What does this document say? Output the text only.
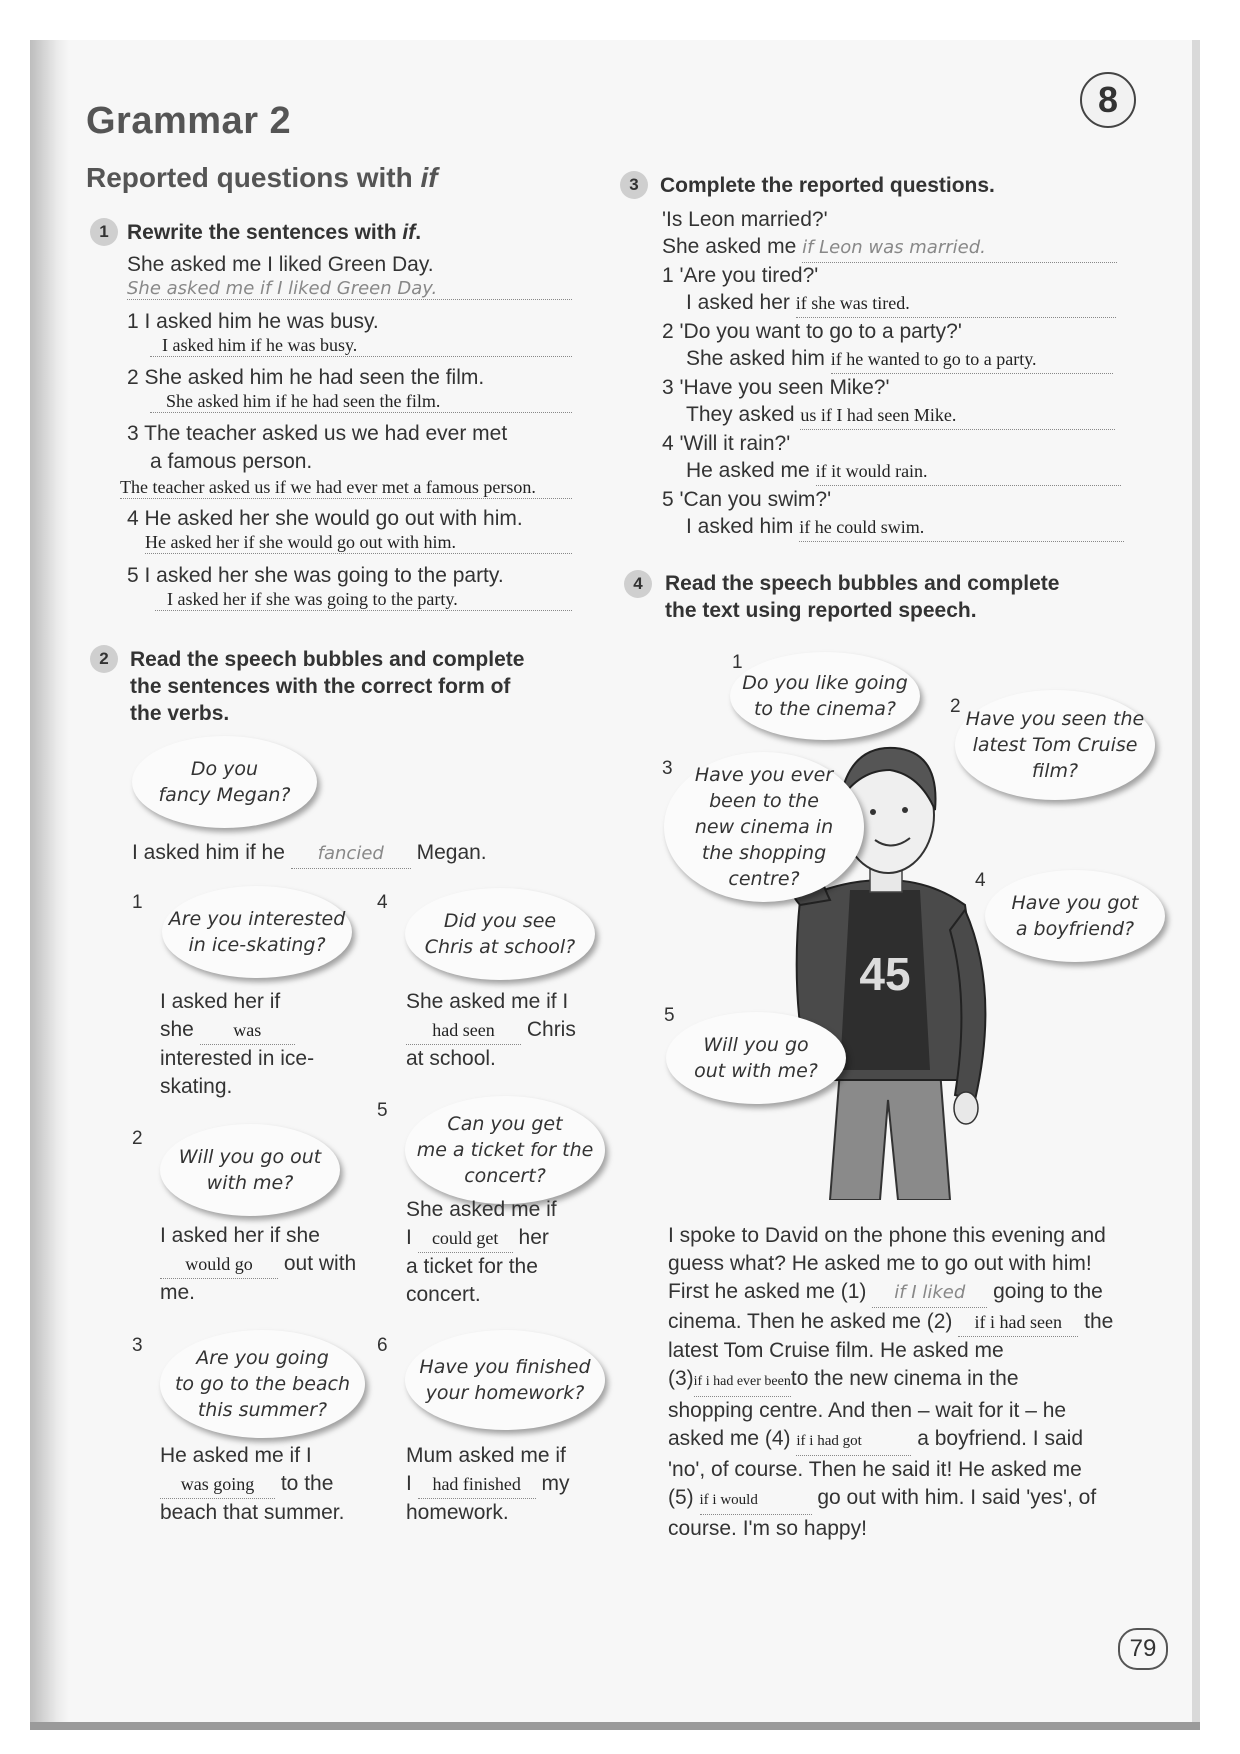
Grammar 2
Reported questions with if
8
1 Rewrite the sentences with if.
She asked me I liked Green Day.
She asked me if I liked Green Day.
1 I asked him he was busy.
I asked him if he was busy.
2 She asked him he had seen the film.
She asked him if he had seen the film.
3 The teacher asked us we had ever met
a famous person.
The teacher asked us if we had ever met a famous person.
4 He asked her she would go out with him.
He asked her if she would go out with him.
5 I asked her she was going to the party.
I asked her if she was going to the party.
2	Read the speech bubbles and complete
the sentences with the correct form of
the verbs.
Do you
fancy Megan?
I asked him if he fancied Megan.
1
Are you interested
in ice-skating?
I asked her if
she was
interested in ice-
skating.
4
Did you see
Chris at school?
She asked me if I
had seen Chris
at school.
2
Will you go out
with me?
I asked her if she
would go out with
me.
5
Can you get
me a ticket for the
concert?
She asked me if
I could get her
a ticket for the
concert.
3
Are you going
to go to the beach
this summer?
He asked me if I
was going to the
beach that summer.
6
Have you finished
your homework?
Mum asked me if
I had finished my
homework.
3	Complete the reported questions.
'Is Leon married?'
She asked me if Leon was married.
1 'Are you tired?'
I asked her if she was tired.
2 'Do you want to go to a party?'
She asked him if he wanted to go to a party.
3 'Have you seen Mike?'
They asked us if I had seen Mike.
4 'Will it rain?'
He asked me if it would rain.
5 'Can you swim?'
I asked him if he could swim.
4	Read the speech bubbles and complete
the text using reported speech.
45
1
Do you like going
to the cinema?	2
Have you seen the
latest Tom Cruise
film?
3 Have you ever
been to the
new cinema in
the shopping
centre?	4
Have you got
a boyfriend?
5
Will you go
out with me?
I spoke to David on the phone this evening and
guess what? He asked me to go out with him!
First he asked me (1) if I liked going to the
cinema. Then he asked me (2) if i had seen the
latest Tom Cruise film. He asked me
(3)if i had ever beento the new cinema in the
shopping centre. And then – wait for it – he
asked me (4) if i had got	a boyfriend. I said
'no', of course. Then he said it! He asked me
(5) if i would	go out with him. I said 'yes', of
course. I'm so happy!
79
